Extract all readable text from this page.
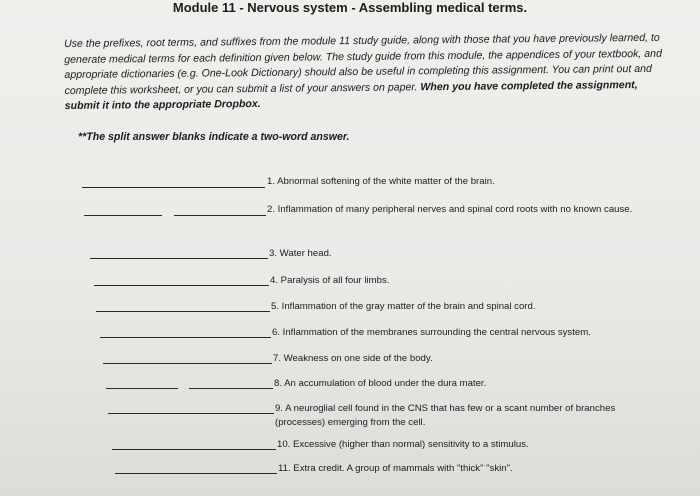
Module 11 - Nervous system - Assembling medical terms.
Use the prefixes, root terms, and suffixes from the module 11 study guide, along with those that you have previously learned, to generate medical terms for each definition given below. The study guide from this module, the appendices of your textbook, and appropriate dictionaries (e.g. One-Look Dictionary) should also be useful in completing this assignment. You can print out and complete this worksheet, or you can submit a list of your answers on paper. When you have completed the assignment, submit it into the appropriate Dropbox.
**The split answer blanks indicate a two-word answer.
1. Abnormal softening of the white matter of the brain.
2. Inflammation of many peripheral nerves and spinal cord roots with no known cause.
3. Water head.
4. Paralysis of all four limbs.
5. Inflammation of the gray matter of the brain and spinal cord.
6. Inflammation of the membranes surrounding the central nervous system.
7. Weakness on one side of the body.
8. An accumulation of blood under the dura mater.
9. A neuroglial cell found in the CNS that has few or a scant number of branches (processes) emerging from the cell.
10. Excessive (higher than normal) sensitivity to a stimulus.
11. Extra credit. A group of mammals with "thick" "skin".
